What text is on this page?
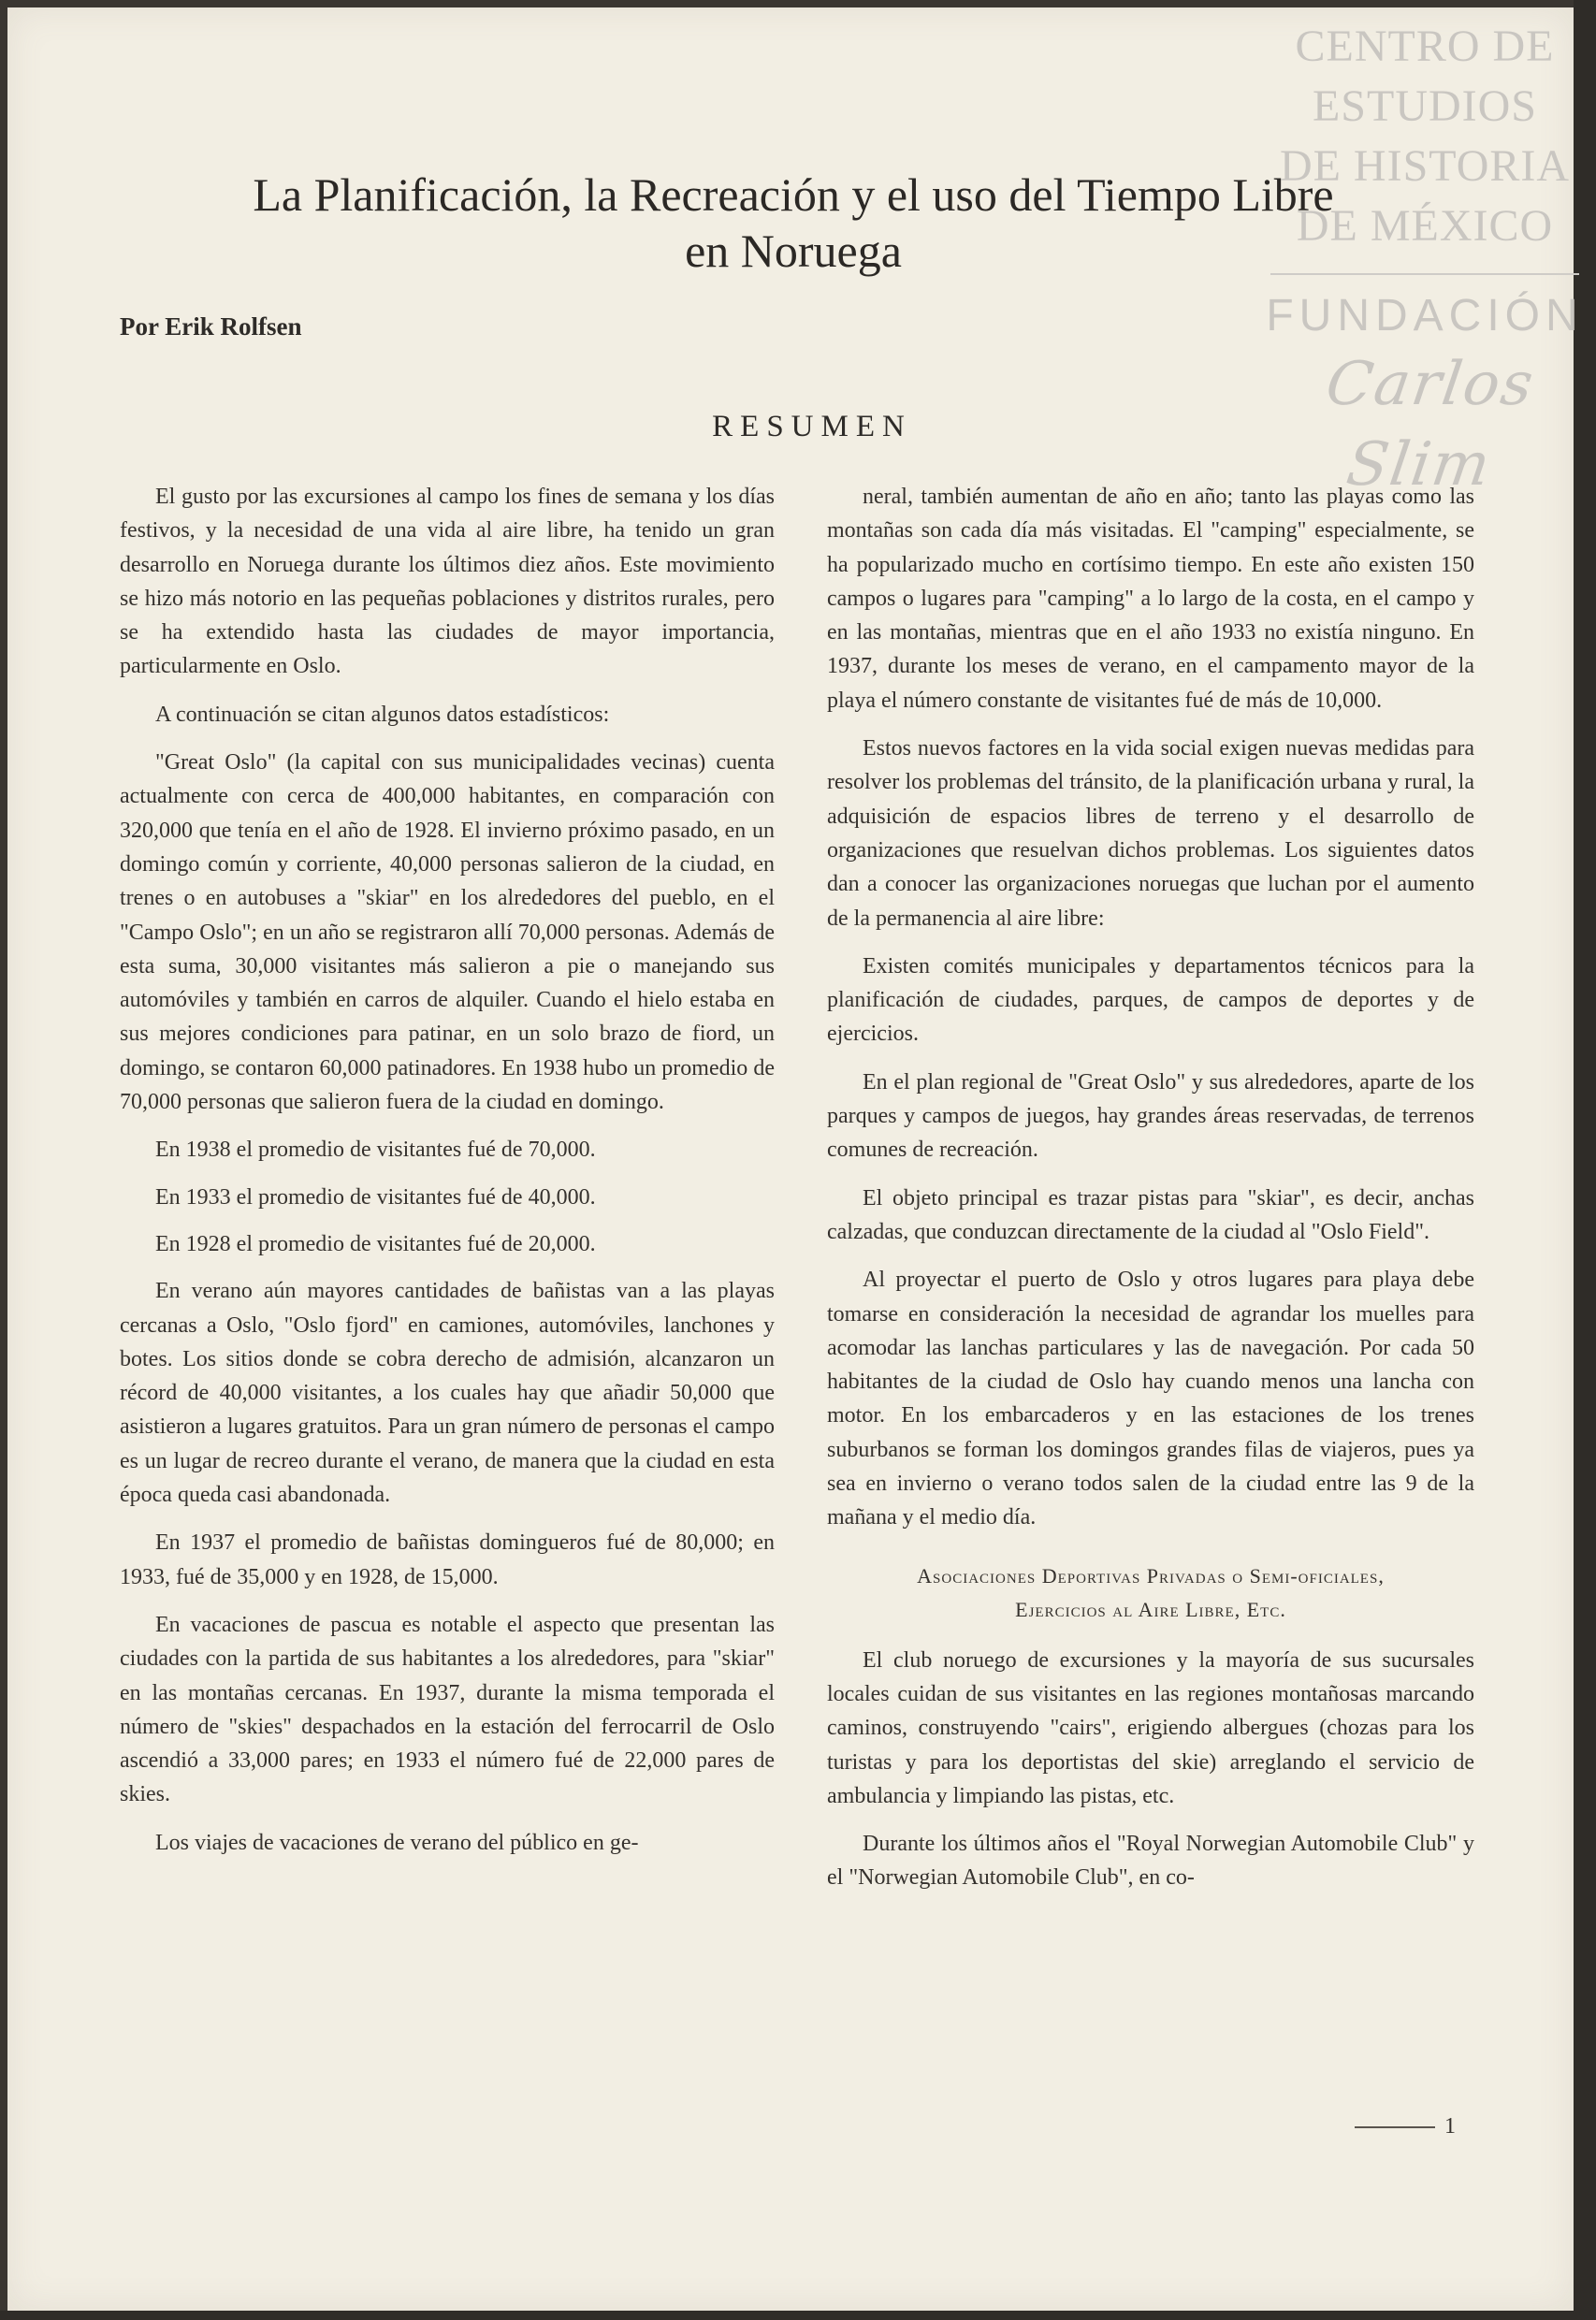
CENTRO DE
ESTUDIOS
DE HISTORIA
DE MÉXICO
FUNDACIÓN
Carlos Slim
La Planificación, la Recreación y el uso del Tiempo Libre
en Noruega
Por Erik Rolfsen
RESUMEN

El gusto por las excursiones al campo los fines de semana y los días festivos, y la necesidad de una vida al aire libre, ha tenido un gran desarrollo en Noruega durante los últimos diez años. Este movimiento se hizo más notorio en las pequeñas poblaciones y distritos rurales, pero se ha extendido hasta las ciudades de mayor importancia, particularmente en Oslo.

A continuación se citan algunos datos estadísticos:

"Great Oslo" (la capital con sus municipalidades vecinas) cuenta actualmente con cerca de 400,000 habitantes, en comparación con 320,000 que tenía en el año de 1928. El invierno próximo pasado, en un domingo común y corriente, 40,000 personas salieron de la ciudad, en trenes o en autobuses a "skiar" en los alrededores del pueblo, en el "Campo Oslo"; en un año se registraron allí 70,000 personas. Además de esta suma, 30,000 visitantes más salieron a pie o manejando sus automóviles y también en carros de alquiler. Cuando el hielo estaba en sus mejores condiciones para patinar, en un solo brazo de fiord, un domingo, se contaron 60,000 patinadores. En 1938 hubo un promedio de 70,000 personas que salieron fuera de la ciudad en domingo.

En 1938 el promedio de visitantes fué de 70,000.

En 1933 el promedio de visitantes fué de 40,000.

En 1928 el promedio de visitantes fué de 20,000.

En verano aún mayores cantidades de bañistas van a las playas cercanas a Oslo, "Oslo fjord" en camiones, automóviles, lanchones y botes. Los sitios donde se cobra derecho de admisión, alcanzaron un récord de 40,000 visitantes, a los cuales hay que añadir 50,000 que asistieron a lugares gratuitos. Para un gran número de personas el campo es un lugar de recreo durante el verano, de manera que la ciudad en esta época queda casi abandonada.

En 1937 el promedio de bañistas domingueros fué de 80,000; en 1933, fué de 35,000 y en 1928, de 15,000.

En vacaciones de pascua es notable el aspecto que presentan las ciudades con la partida de sus habitantes a los alrededores, para "skiar" en las montañas cercanas. En 1937, durante la misma temporada el número de "skies" despachados en la estación del ferrocarril de Oslo ascendió a 33,000 pares; en 1933 el número fué de 22,000 pares de skies.

Los viajes de vacaciones de verano del público en ge-

neral, también aumentan de año en año; tanto las playas como las montañas son cada día más visitadas. El "camping" especialmente, se ha popularizado mucho en cortísimo tiempo. En este año existen 150 campos o lugares para "camping" a lo largo de la costa, en el campo y en las montañas, mientras que en el año 1933 no existía ninguno. En 1937, durante los meses de verano, en el campamento mayor de la playa el número constante de visitantes fué de más de 10,000.

Estos nuevos factores en la vida social exigen nuevas medidas para resolver los problemas del tránsito, de la planificación urbana y rural, la adquisición de espacios libres de terreno y el desarrollo de organizaciones que resuelvan dichos problemas. Los siguientes datos dan a conocer las organizaciones noruegas que luchan por el aumento de la permanencia al aire libre:

Existen comités municipales y departamentos técnicos para la planificación de ciudades, parques, de campos de deportes y de ejercicios.

En el plan regional de "Great Oslo" y sus alrededores, aparte de los parques y campos de juegos, hay grandes áreas reservadas, de terrenos comunes de recreación.

El objeto principal es trazar pistas para "skiar", es decir, anchas calzadas, que conduzcan directamente de la ciudad al "Oslo Field".

Al proyectar el puerto de Oslo y otros lugares para playa debe tomarse en consideración la necesidad de agrandar los muelles para acomodar las lanchas particulares y las de navegación. Por cada 50 habitantes de la ciudad de Oslo hay cuando menos una lancha con motor. En los embarcaderos y en las estaciones de los trenes suburbanos se forman los domingos grandes filas de viajeros, pues ya sea en invierno o verano todos salen de la ciudad entre las 9 de la mañana y el medio día.

Asociaciones Deportivas Privadas o Semi-oficiales,
Ejercicios al Aire Libre, Etc.

El club noruego de excursiones y la mayoría de sus sucursales locales cuidan de sus visitantes en las regiones montañosas marcando caminos, construyendo "cairs", erigiendo albergues (chozas para los turistas y para los deportistas del skie) arreglando el servicio de ambulancia y limpiando las pistas, etc.

Durante los últimos años el "Royal Norwegian Automobile Club" y el "Norwegian Automobile Club", en co-

1
